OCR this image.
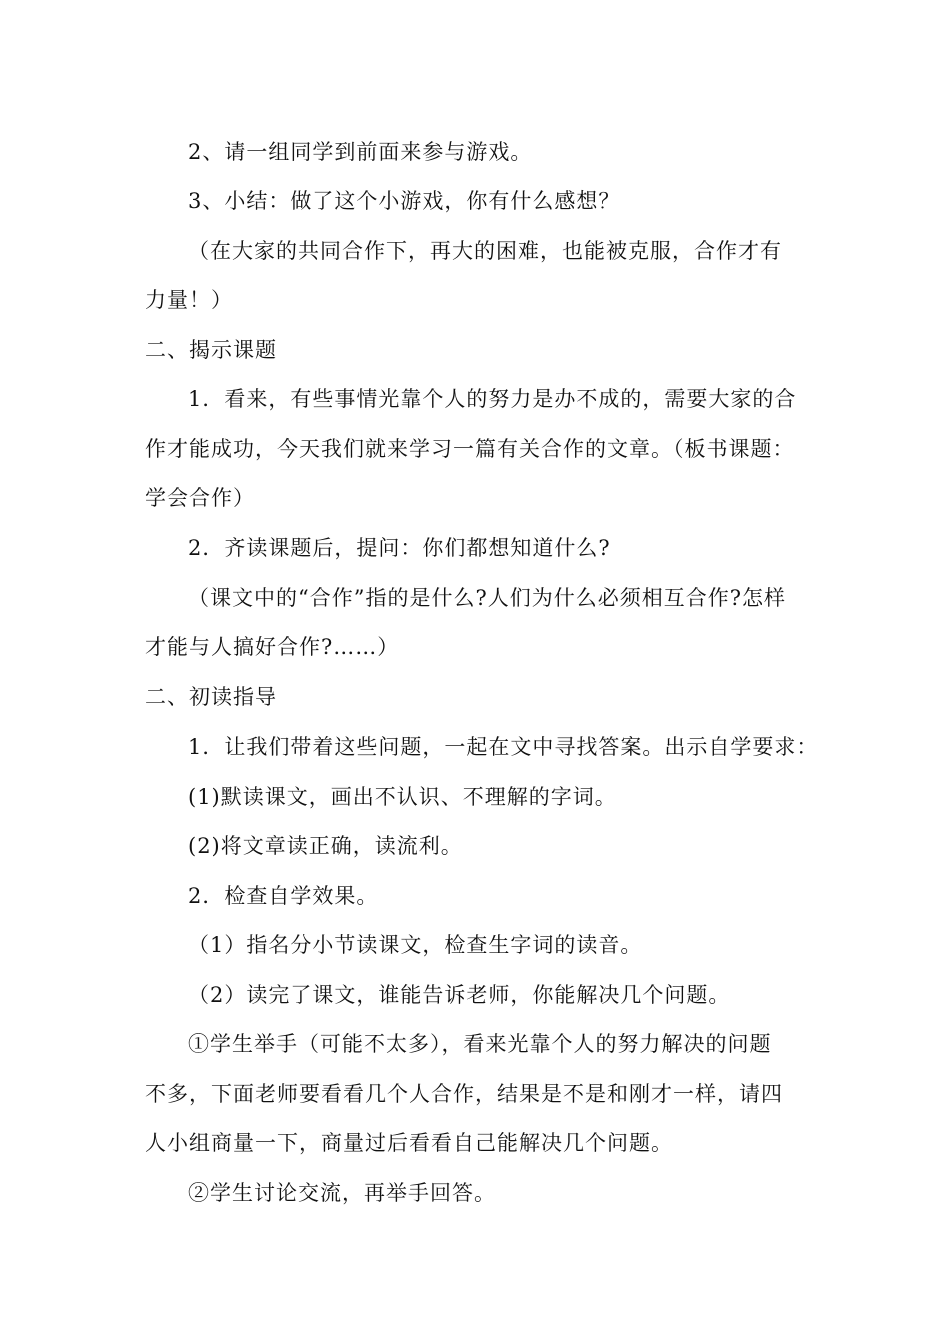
2、请一组同学到前面来参与游戏。
3、小结：做了这个小游戏，你有什么感想？
（在大家的共同合作下，再大的困难，也能被克服，合作才有
力量！）
二、揭示课题
1．看来，有些事情光靠个人的努力是办不成的，需要大家的合
作才能成功，今天我们就来学习一篇有关合作的文章。（板书课题：
学会合作）
2．齐读课题后，提问：你们都想知道什么?
（课文中的“合作”指的是什么?人们为什么必须相互合作?怎样
才能与人搞好合作?……）
二、初读指导
1．让我们带着这些问题，一起在文中寻找答案。出示自学要求：
(1)默读课文，画出不认识、不理解的字词。
(2)将文章读正确，读流利。
2．检查自学效果。
（1）指名分小节读课文，检查生字词的读音。
（2）读完了课文，谁能告诉老师，你能解决几个问题。
①学生举手（可能不太多），看来光靠个人的努力解决的问题
不多，下面老师要看看几个人合作，结果是不是和刚才一样，请四
人小组商量一下，商量过后看看自己能解决几个问题。
②学生讨论交流，再举手回答。
